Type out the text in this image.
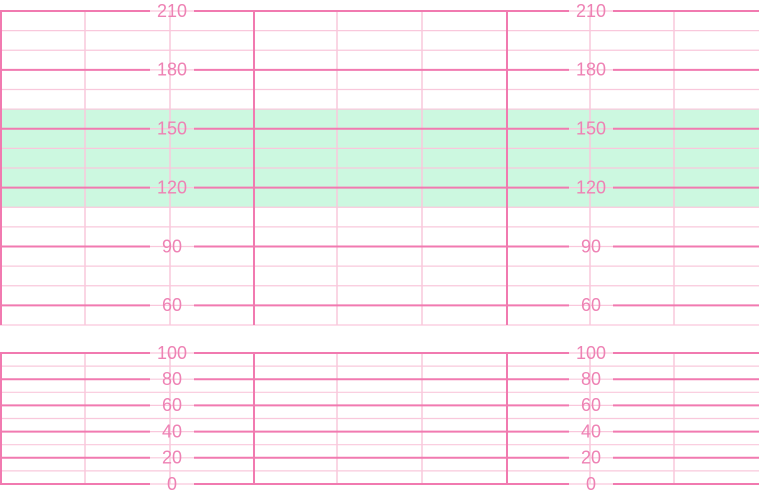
210	210
180	180
150	150
120	120
90	90
60	60
100	100
80	80
60	60
40	40
20	20
0	0
